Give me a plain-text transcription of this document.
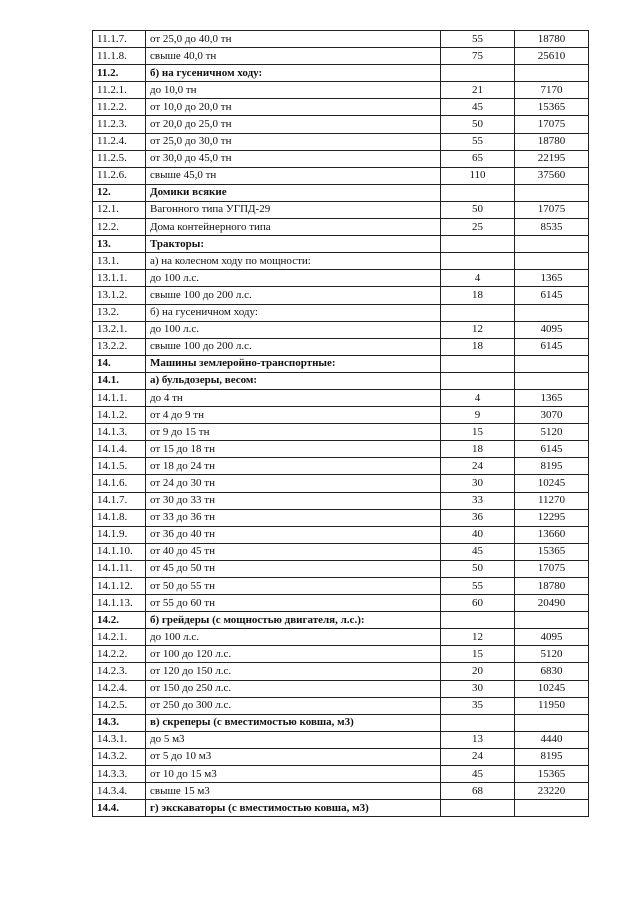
11.1.7.	от 25,0 до 40,0 тн	55	18780
11.1.8.	свыше 40,0 тн	75	25610
11.2.	б) на гусеничном ходу:		
11.2.1.	до 10,0 тн	21	7170
11.2.2.	от 10,0 до 20,0 тн	45	15365
11.2.3.	от 20,0 до 25,0 тн	50	17075
11.2.4.	от 25,0 до 30,0 тн	55	18780
11.2.5.	от 30,0 до 45,0 тн	65	22195
11.2.6.	свыше 45,0 тн	110	37560
12.	Домики всякие		
12.1.	Вагонного типа УГПД-29	50	17075
12.2.	Дома контейнерного типа	25	8535
13.	Тракторы:		
13.1.	а) на колесном ходу по мощности:		
13.1.1.	до 100 л.с.	4	1365
13.1.2.	свыше 100 до 200 л.с.	18	6145
13.2.	б) на гусеничном ходу:		
13.2.1.	до 100 л.с.	12	4095
13.2.2.	свыше 100 до 200 л.с.	18	6145
14.	Машины землеройно-транспортные:		
14.1.	а) бульдозеры, весом:		
14.1.1.	до 4 тн	4	1365
14.1.2.	от 4 до 9 тн	9	3070
14.1.3.	от 9 до 15 тн	15	5120
14.1.4.	от 15 до 18 тн	18	6145
14.1.5.	от 18 до 24 тн	24	8195
14.1.6.	от 24 до 30 тн	30	10245
14.1.7.	от 30 до 33 тн	33	11270
14.1.8.	от 33 до 36 тн	36	12295
14.1.9.	от 36 до 40 тн	40	13660
14.1.10.	от 40 до 45 тн	45	15365
14.1.11.	от 45 до 50 тн	50	17075
14.1.12.	от 50 до 55 тн	55	18780
14.1.13.	от 55 до 60 тн	60	20490
14.2.	б) грейдеры (с мощностью двигателя, л.с.):		
14.2.1.	до 100 л.с.	12	4095
14.2.2.	от 100 до 120 л.с.	15	5120
14.2.3.	от 120 до 150 л.с.	20	6830
14.2.4.	от 150 до 250 л.с.	30	10245
14.2.5.	от 250 до 300 л.с.	35	11950
14.3.	в) скреперы (с вместимостью ковша, м3)		
14.3.1.	до 5 м3	13	4440
14.3.2.	от 5 до 10 м3	24	8195
14.3.3.	от 10 до 15 м3	45	15365
14.3.4.	свыше 15 м3	68	23220
14.4.	г) экскаваторы (с вместимостью ковша, м3)		
